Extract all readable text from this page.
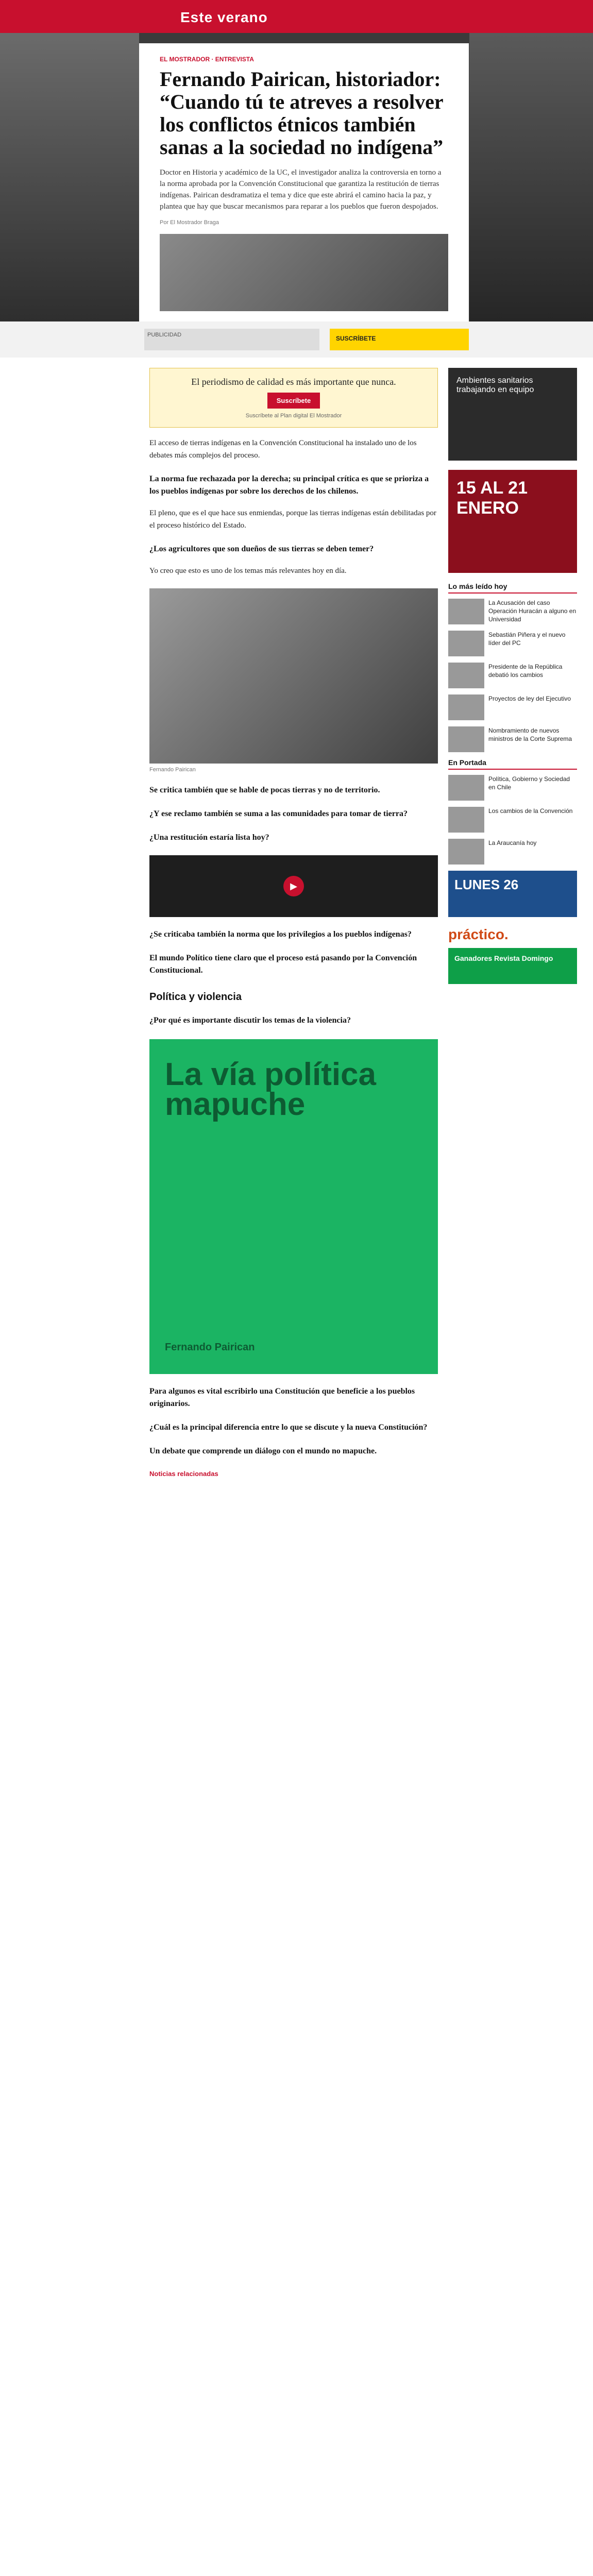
Este verano
EL MOSTRADOR · ENTREVISTA
Fernando Pairican, historiador: “Cuando tú te atreves a resolver los conflictos étnicos también sanas a la sociedad no indígena”

Doctor en Historia y académico de la UC, el investigador analiza la controversia en torno a la norma aprobada por la Convención Constitucional que garantiza la restitución de tierras indígenas. Pairican desdramatiza el tema y dice que este abrirá el camino hacia la paz, y plantea que hay que buscar mecanismos para reparar a los pueblos que fueron despojados.

Por El Mostrador Braga
PUBLICIDAD	SUSCRÍBETE
El periodismo de calidad es más importante que nunca.
Suscríbete
Suscríbete al Plan digital El Mostrador

El acceso de tierras indígenas en la Convención Constitucional ha instalado uno de los debates más complejos del proceso.

La norma fue rechazada por la derecha; su principal crítica es que se prioriza a los pueblos indígenas por sobre los derechos de los chilenos.

El pleno, que es el que hace sus enmiendas, porque las tierras indígenas están debilitadas por el proceso histórico del Estado.

¿Los agricultores que son dueños de sus tierras se deben temer?

Yo creo que esto es uno de los temas más relevantes hoy en día.

Fernando Pairican

Se critica también que se hable de pocas tierras y no de territorio.

¿Y ese reclamo también se suma a las comunidades para tomar de tierra?

¿Una restitución estaría lista hoy?

▶

¿Se criticaba también la norma que los privilegios a los pueblos indígenas?

El mundo Político tiene claro que el proceso está pasando por la Convención Constitucional.

Política y violencia

¿Por qué es importante discutir los temas de la violencia?

La vía política mapuche
Fernando Pairican

Para algunos es vital escribirlo una Constitución que beneficie a los pueblos originarios.

¿Cuál es la principal diferencia entre lo que se discute y la nueva Constitución?

Un debate que comprende un diálogo con el mundo no mapuche.

Noticias relacionadas
Ambientes sanitarios trabajando en equipo
15 AL 21 ENERO
Lo más leído hoy
La Acusación del caso Operación Huracán a alguno en Universidad
Sebastián Piñera y el nuevo líder del PC
Presidente de la República debatió los cambios
Proyectos de ley del Ejecutivo
Nombramiento de nuevos ministros de la Corte Suprema
En Portada
Política, Gobierno y Sociedad en Chile
Los cambios de la Convención
La Araucanía hoy
LUNES 26
práctico.
Ganadores Revista Domingo
